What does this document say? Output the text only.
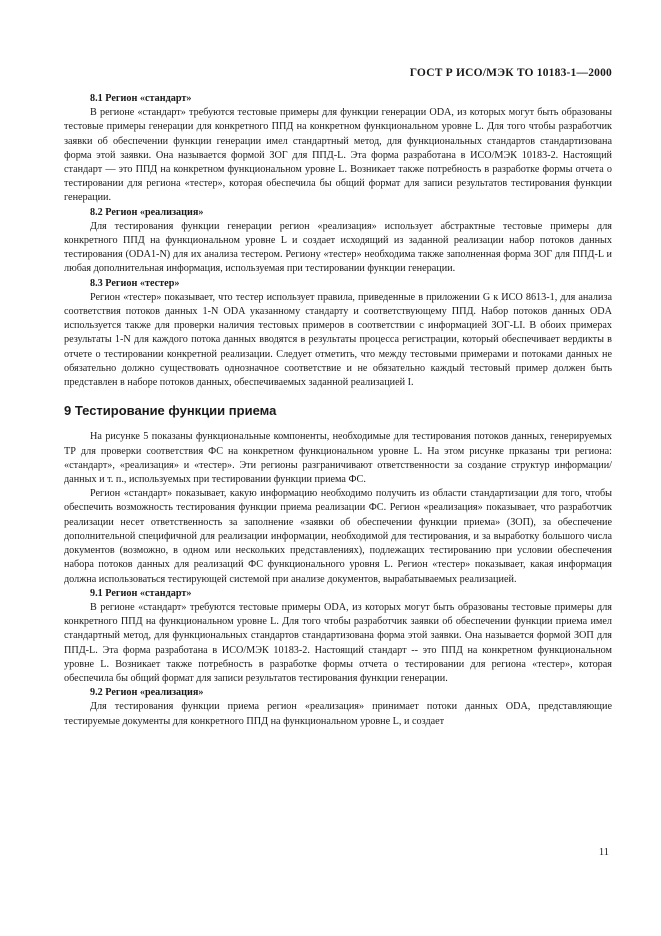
ГОСТ Р ИСО/МЭК ТО 10183-1—2000

8.1 Регион «стандарт»

В регионе «стандарт» требуются тестовые примеры для функции генерации ODA, из которых могут быть образованы тестовые примеры генерации для конкретного ППД на конкретном функциональном уровне L. Для того чтобы разработчик заявки об обеспечении функции генерации имел стандартный метод, для функциональных стандартов стандартизована форма этой заявки. Она называется формой ЗОГ для ППД-L. Эта форма разработана в ИСО/МЭК 10183-2. Настоящий стандарт — это ППД на конкретном функциональном уровне L. Возникает также потребность в разработке формы отчета о тестировании для региона «тестер», которая обеспечила бы общий формат для записи результатов тестирования функции генерации.

8.2 Регион «реализация»

Для тестирования функции генерации регион «реализация» использует абстрактные тестовые примеры для конкретного ППД на функциональном уровне L и создает исходящий из заданной реализации набор потоков данных тестирования (ODA1-N) для их анализа тестером. Региону «тестер» необходима также заполненная форма ЗОГ для ППД-L и любая дополнительная информация, используемая при тестировании функции генерации.

8.3 Регион «тестер»

Регион «тестер» показывает, что тестер использует правила, приведенные в приложении G к ИСО 8613-1, для анализа соответствия потоков данных 1-N ODA указанному стандарту и соответствующему ППД. Набор потоков данных ODA используется также для проверки наличия тестовых примеров в соответствии с информацией ЗОГ-LI. В обоих примерах результаты 1-N для каждого потока данных вводятся в результаты процесса регистрации, который обеспечивает вердикты в отчете о тестировании конкретной реализации. Следует отметить, что между тестовыми примерами и потоками данных не обязательно должно существовать однозначное соответствие и не обязательно каждый тестовый пример должен быть представлен в наборе потоков данных, обеспечиваемых заданной реализацией I.

9 Тестирование функции приема

На рисунке 5 показаны функциональные компоненты, необходимые для тестирования потоков данных, генерируемых ТР для проверки соответствия ФС на конкретном функциональном уровне L. На этом рисунке прказаны три региона: «стандарт», «реализация» и «тестер». Эти регионы разграничивают ответственности за создание структур информации/данных и т. п., используемых при тестировании функции приема ФС.

Регион «стандарт» показывает, какую информацию необходимо получить из области стандартизации для того, чтобы обеспечить возможность тестирования функции приема реализации ФС. Регион «реализация» показывает, что разработчик реализации несет ответственность за заполнение «заявки об обеспечении функции приема» (ЗОП), за обеспечение дополнительной специфичной для реализации информации, необходимой для тестирования, и за выработку большого числа документов (возможно, в одном или нескольких представлениях), подлежащих тестированию при условии обеспечения набора потоков данных для реализаций ФС функционального уровня L. Регион «тестер» показывает, какая информация должна использоваться тестирующей системой при анализе документов, вырабатываемых реализацией.

9.1 Регион «стандарт»

В регионе «стандарт» требуются тестовые примеры ODA, из которых могут быть образованы тестовые примеры для конкретного ППД на функциональном уровне L. Для того чтобы разработчик заявки об обеспечении функции приема имел стандартный метод, для функциональных стандартов стандартизована форма этой заявки. Она называется формой ЗОП для ППД-L. Эта форма разработана в ИСО/МЭК 10183-2. Настоящий стандарт -- это ППД на конкретном функциональном уровне L. Возникает также потребность в разработке формы отчета о тестировании для региона «тестер», которая обеспечила бы общий формат для записи результатов тестирования функции генерации.

9.2 Регион «реализация»

Для тестирования функции приема регион «реализация» принимает потоки данных ODA, представляющие тестируемые документы для конкретного ППД на функциональном уровне L, и создает

11
